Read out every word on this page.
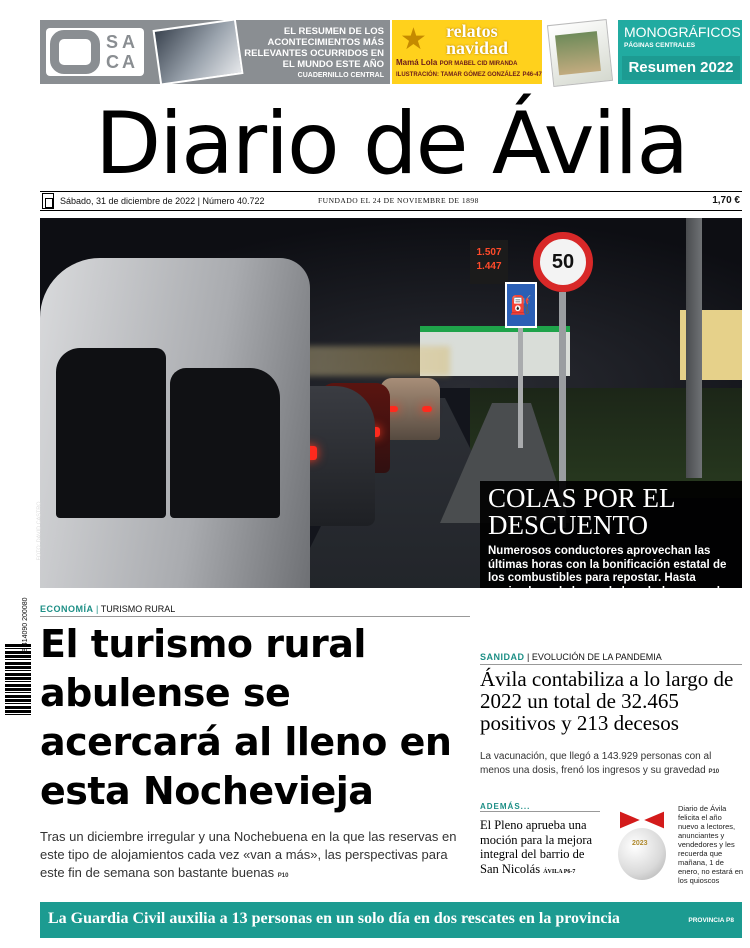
S A
C A
EL RESUMEN DE LOS ACONTECIMIENTOS MÁS RELEVANTES OCURRIDOS EN EL MUNDO ESTE AÑO
CUADERNILLO CENTRAL
★ relatos
navidad
Mamá Lola POR MABEL CID MIRANDA
ILUSTRACIÓN: TAMAR GÓMEZ GONZÁLEZ P46-47
MONOGRÁFICOS
PÁGINAS CENTRALES
Resumen 2022
Diario de Ávila
Sábado, 31 de diciembre de 2022 | Número 40.722	FUNDADO EL 24 DE NOVIEMBRE DE 1898	1,70 €
1.507
1.447
⛽
50
FOTO: DAVID CASTRO
COLAS POR EL DESCUENTO
Numerosos conductores aprovechan las últimas horas con la bonificación estatal de los combustibles para repostar. Hasta noviembre, el ahorro de los abulenses se ha cifrado en cerca de 15 millones de euros ÁVILA P2-3
8 414090 200080 ECONOMÍA | TURISMO RURAL
El turismo rural abulense se acercará al lleno en esta Nochevieja
Tras un diciembre irregular y una Nochebuena en la que las reservas en este tipo de alojamientos cada vez «van a más», las perspectivas para este fin de semana son bastante buenas P10
SANIDAD | EVOLUCIÓN DE LA PANDEMIA
Ávila contabiliza a lo largo de 2022 un total de 32.465 positivos y 213 decesos
La vacunación, que llegó a 143.929 personas con al menos una dosis, frenó los ingresos y su gravedad P10
ADEMÁS...
El Pleno aprueba una moción para la mejora integral del barrio de San Nicolás ÁVILA P6-7
2023
Diario de Ávila felicita el año nuevo a lectores, anunciantes y vendedores y les recuerda que mañana, 1 de enero, no estará en los quioscos
La Guardia Civil auxilia a 13 personas en un solo día en dos rescates en la provincia	PROVINCIA P8
